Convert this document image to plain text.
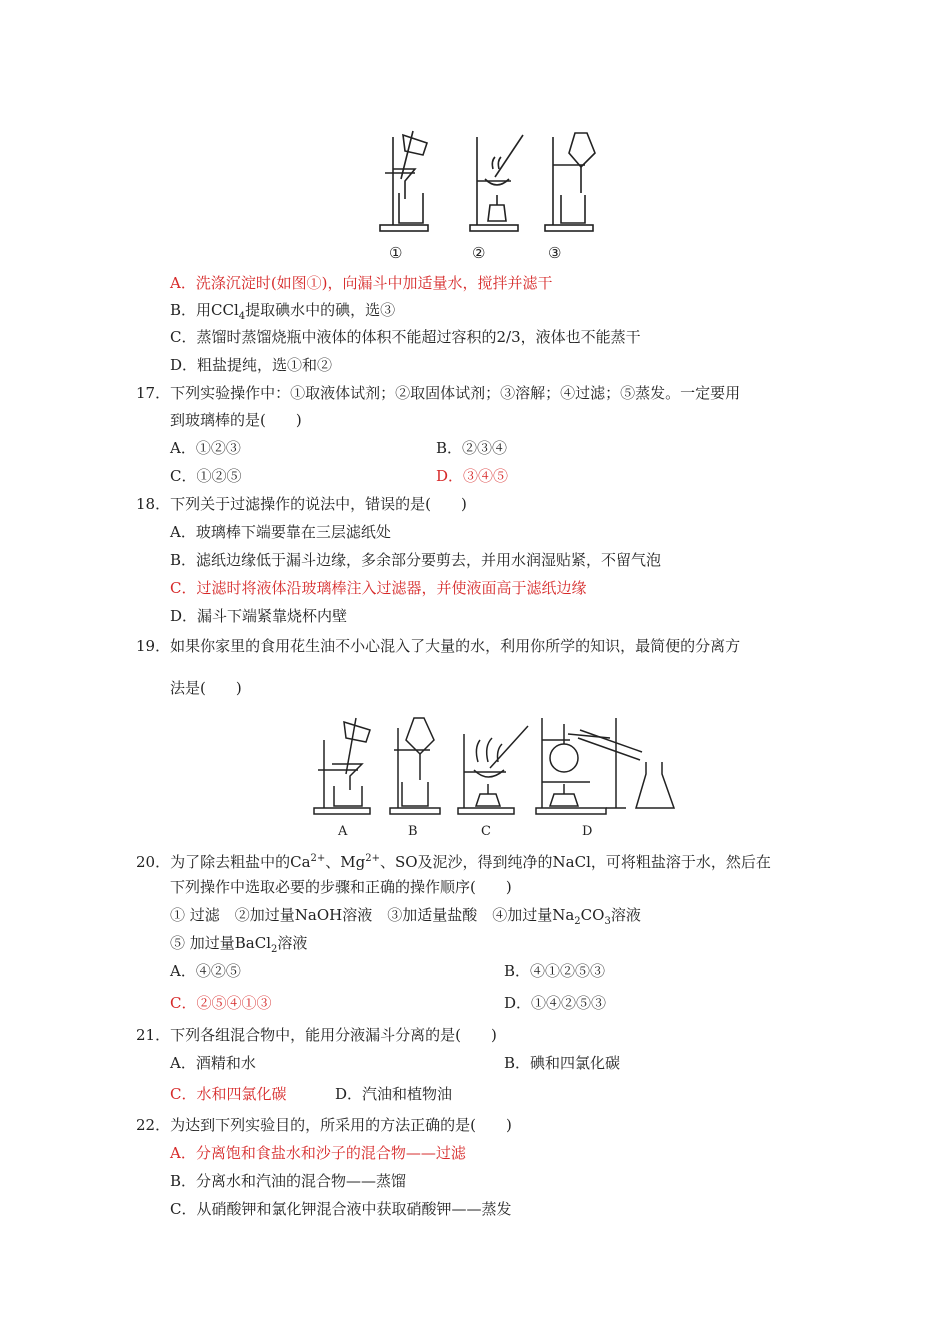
①	②	③
A．洗涤沉淀时(如图①)，向漏斗中加适量水，搅拌并滤干
B．用CCl$_4$提取碘水中的碘，选③
C．蒸馏时蒸馏烧瓶中液体的体积不能超过容积的2/3，液体也不能蒸干
D．粗盐提纯，选①和②
17．下列实验操作中：①取液体试剂；②取固体试剂；③溶解；④过滤；⑤蒸发。一定要用
到玻璃棒的是(　　)
A．①②③	B．②③④
C．①②⑤	D．③④⑤
18．下列关于过滤操作的说法中，错误的是(　　)
A．玻璃棒下端要靠在三层滤纸处
B．滤纸边缘低于漏斗边缘，多余部分要剪去，并用水润湿贴紧，不留气泡
C．过滤时将液体沿玻璃棒注入过滤器，并使液面高于滤纸边缘
D．漏斗下端紧靠烧杯内壁
19．如果你家里的食用花生油不小心混入了大量的水，利用你所学的知识，最简便的分离方
法是(　　)
A	B	C	D
20．为了除去粗盐中的$Ca^{2+}$、$Mg^{2+}$、SO及泥沙，得到纯净的NaCl，可将粗盐溶于水，然后在
下列操作中选取必要的步骤和正确的操作顺序(　　)
① 过滤　②加过量NaOH溶液　③加适量盐酸　④加过量$Na_2CO_3$溶液
⑤ 加过量BaCl$_2$溶液
A．④②⑤	B．④①②⑤③
C．②⑤④①③	D．①④②⑤③
21．下列各组混合物中，能用分液漏斗分离的是(　　)
A．酒精和水	B．碘和四氯化碳
C．水和四氯化碳	D．汽油和植物油
22．为达到下列实验目的，所采用的方法正确的是(　　)
A．分离饱和食盐水和沙子的混合物——过滤
B．分离水和汽油的混合物——蒸馏
C．从硝酸钾和氯化钾混合液中获取硝酸钾——蒸发
